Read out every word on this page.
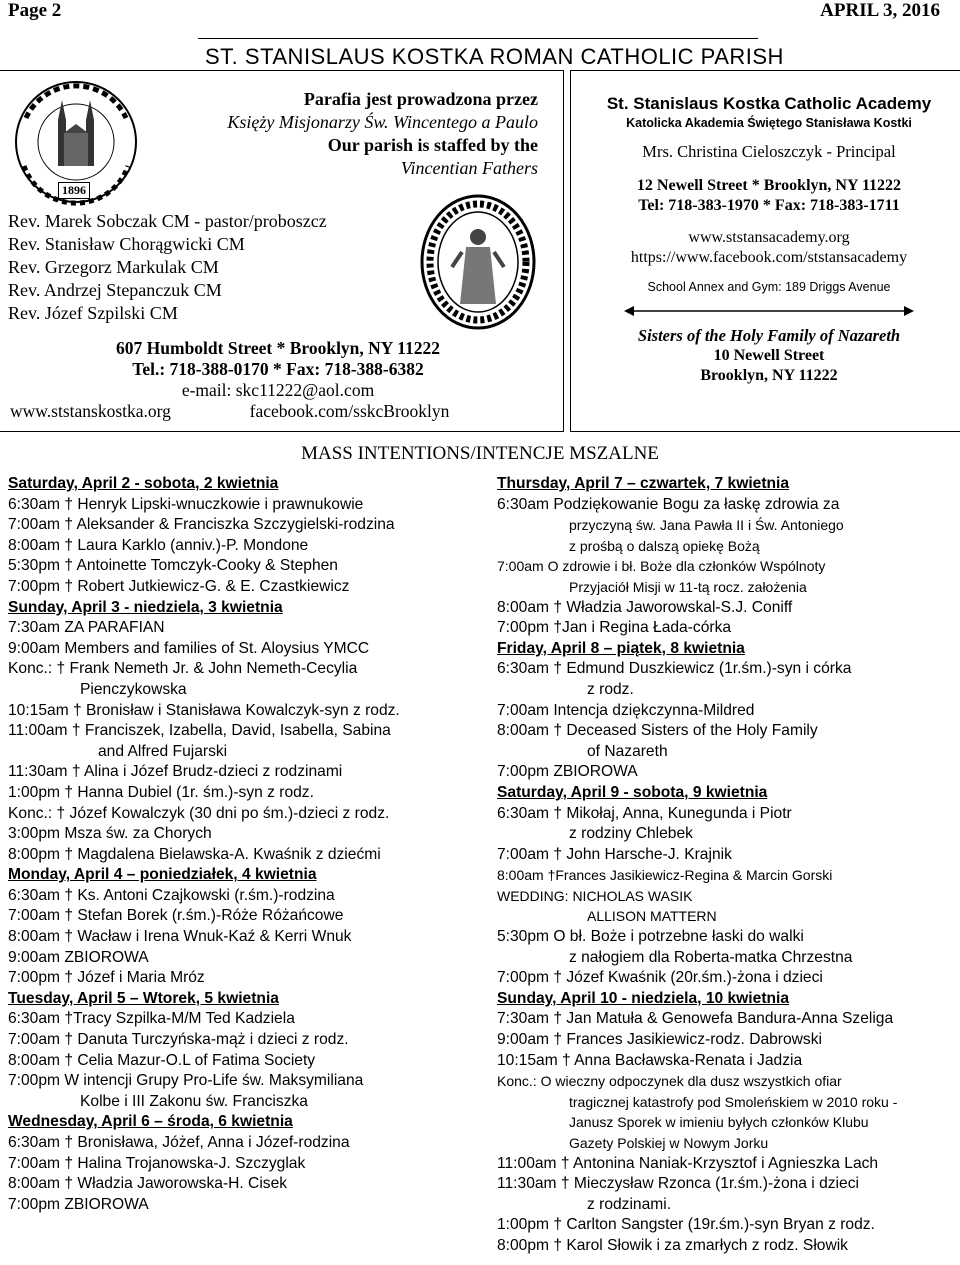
Page 2	APRIL 3, 2016
ST. STANISLAUS KOSTKA ROMAN CATHOLIC PARISH
1896
Parafia jest prowadzona przez
Księży Misjonarzy Św. Wincentego a Paulo
Our parish is staffed by the
Vincentian Fathers
Rev. Marek Sobczak CM - pastor/proboszcz
Rev. Stanisław Chorągwicki CM
Rev. Grzegorz Markulak CM
Rev. Andrzej Stepanczuk CM
Rev. Józef Szpilski CM
607 Humboldt Street * Brooklyn, NY 11222
Tel.: 718-388-0170 * Fax: 718-388-6382
e-mail: skc11222@aol.com
www.ststanskostka.org	facebook.com/sskcBrooklyn
St. Stanislaus Kostka Catholic Academy
Katolicka Akademia Świętego Stanisława Kostki
Mrs. Christina Cieloszczyk - Principal
12 Newell Street * Brooklyn, NY 11222
Tel: 718-383-1970 * Fax: 718-383-1711
www.ststansacademy.org
https://www.facebook.com/ststansacademy
School Annex and Gym: 189 Driggs Avenue
Sisters of the Holy Family of Nazareth
10 Newell Street
Brooklyn, NY 11222
MASS INTENTIONS/INTENCJE MSZALNE
Saturday, April 2 - sobota, 2 kwietnia
6:30am † Henryk Lipski-wnuczkowie i prawnukowie
7:00am † Aleksander & Franciszka Szczygielski-rodzina
8:00am † Laura Karklo (anniv.)-P. Mondone
5:30pm † Antoinette Tomczyk-Cooky & Stephen
7:00pm † Robert Jutkiewicz-G. & E. Czastkiewicz
Sunday, April 3 - niedziela, 3 kwietnia
7:30am ZA PARAFIAN
9:00am Members and families of St. Aloysius YMCC
Konc.: † Frank Nemeth Jr. & John Nemeth-Cecylia
Pienczykowska
10:15am † Bronisław i Stanisława Kowalczyk-syn z rodz.
11:00am † Franciszek, Izabella, David, Isabella, Sabina
and Alfred Fujarski
11:30am † Alina i Józef Brudz-dzieci z rodzinami
1:00pm † Hanna Dubiel (1r. śm.)-syn z rodz.
Konc.: † Józef Kowalczyk (30 dni po śm.)-dzieci z rodz.
3:00pm Msza św. za Chorych
8:00pm † Magdalena Bielawska-A. Kwaśnik z dziećmi
Monday, April 4 – poniedziałek, 4 kwietnia
6:30am † Ks. Antoni Czajkowski (r.śm.)-rodzina
7:00am † Stefan Borek (r.śm.)-Róże Różańcowe
8:00am † Wacław i Irena Wnuk-Kaź & Kerri Wnuk
9:00am ZBIOROWA
7:00pm † Józef i Maria Mróz
Tuesday, April 5 – Wtorek, 5 kwietnia
6:30am †Tracy Szpilka-M/M Ted Kadziela
7:00am † Danuta Turczyńska-mąż i dzieci z rodz.
8:00am † Celia Mazur-O.L of Fatima Society
7:00pm W intencji Grupy Pro-Life św. Maksymiliana
Kolbe i III Zakonu św. Franciszka
Wednesday, April 6 – środa, 6 kwietnia
6:30am † Bronisława, Jóżef, Anna i Józef-rodzina
7:00am † Halina Trojanowska-J. Szczyglak
8:00am † Władzia Jaworowska-H. Cisek
7:00pm ZBIOROWA
Thursday, April 7 – czwartek, 7 kwietnia
6:30am Podziękowanie Bogu za łaskę zdrowia za
przyczyną św. Jana Pawła II i Św. Antoniego
z prośbą o dalszą opiekę Bożą
7:00am O zdrowie i bł. Boże dla członków Wspólnoty
Przyjaciół Misji w 11-tą rocz. założenia
8:00am † Władzia Jaworowskal-S.J. Coniff
7:00pm †Jan i Regina Łada-córka
Friday, April 8 – piątek, 8 kwietnia
6:30am † Edmund Duszkiewicz (1r.śm.)-syn i córka
z rodz.
7:00am Intencja dziękczynna-Mildred
8:00am † Deceased Sisters of the Holy Family
of Nazareth
7:00pm ZBIOROWA
Saturday, April 9 - sobota, 9 kwietnia
6:30am † Mikołaj, Anna, Kunegunda i Piotr
z rodziny Chlebek
7:00am † John Harsche-J. Krajnik
8:00am †Frances Jasikiewicz-Regina & Marcin Gorski
WEDDING: NICHOLAS WASIK
ALLISON MATTERN
5:30pm O bł. Boże i potrzebne łaski do walki
z nałogiem dla Roberta-matka Chrzestna
7:00pm † Józef Kwaśnik (20r.śm.)-żona i dzieci
Sunday, April 10 - niedziela, 10 kwietnia
7:30am † Jan Matuła & Genowefa Bandura-Anna Szeliga
9:00am † Frances Jasikiewicz-rodz. Dabrowski
10:15am † Anna Bacławska-Renata i Jadzia
Konc.: O wieczny odpoczynek dla dusz wszystkich ofiar
tragicznej katastrofy pod Smoleńskiem w 2010 roku -
Janusz Sporek w imieniu byłych członków Klubu
Gazety Polskiej w Nowym Jorku
11:00am † Antonina Naniak-Krzysztof i Agnieszka Lach
11:30am † Mieczysław Rzonca (1r.śm.)-żona i dzieci
z rodzinami.
1:00pm † Carlton Sangster (19r.śm.)-syn Bryan z rodz.
8:00pm † Karol Słowik i za zmarłych z rodz. Słowik
